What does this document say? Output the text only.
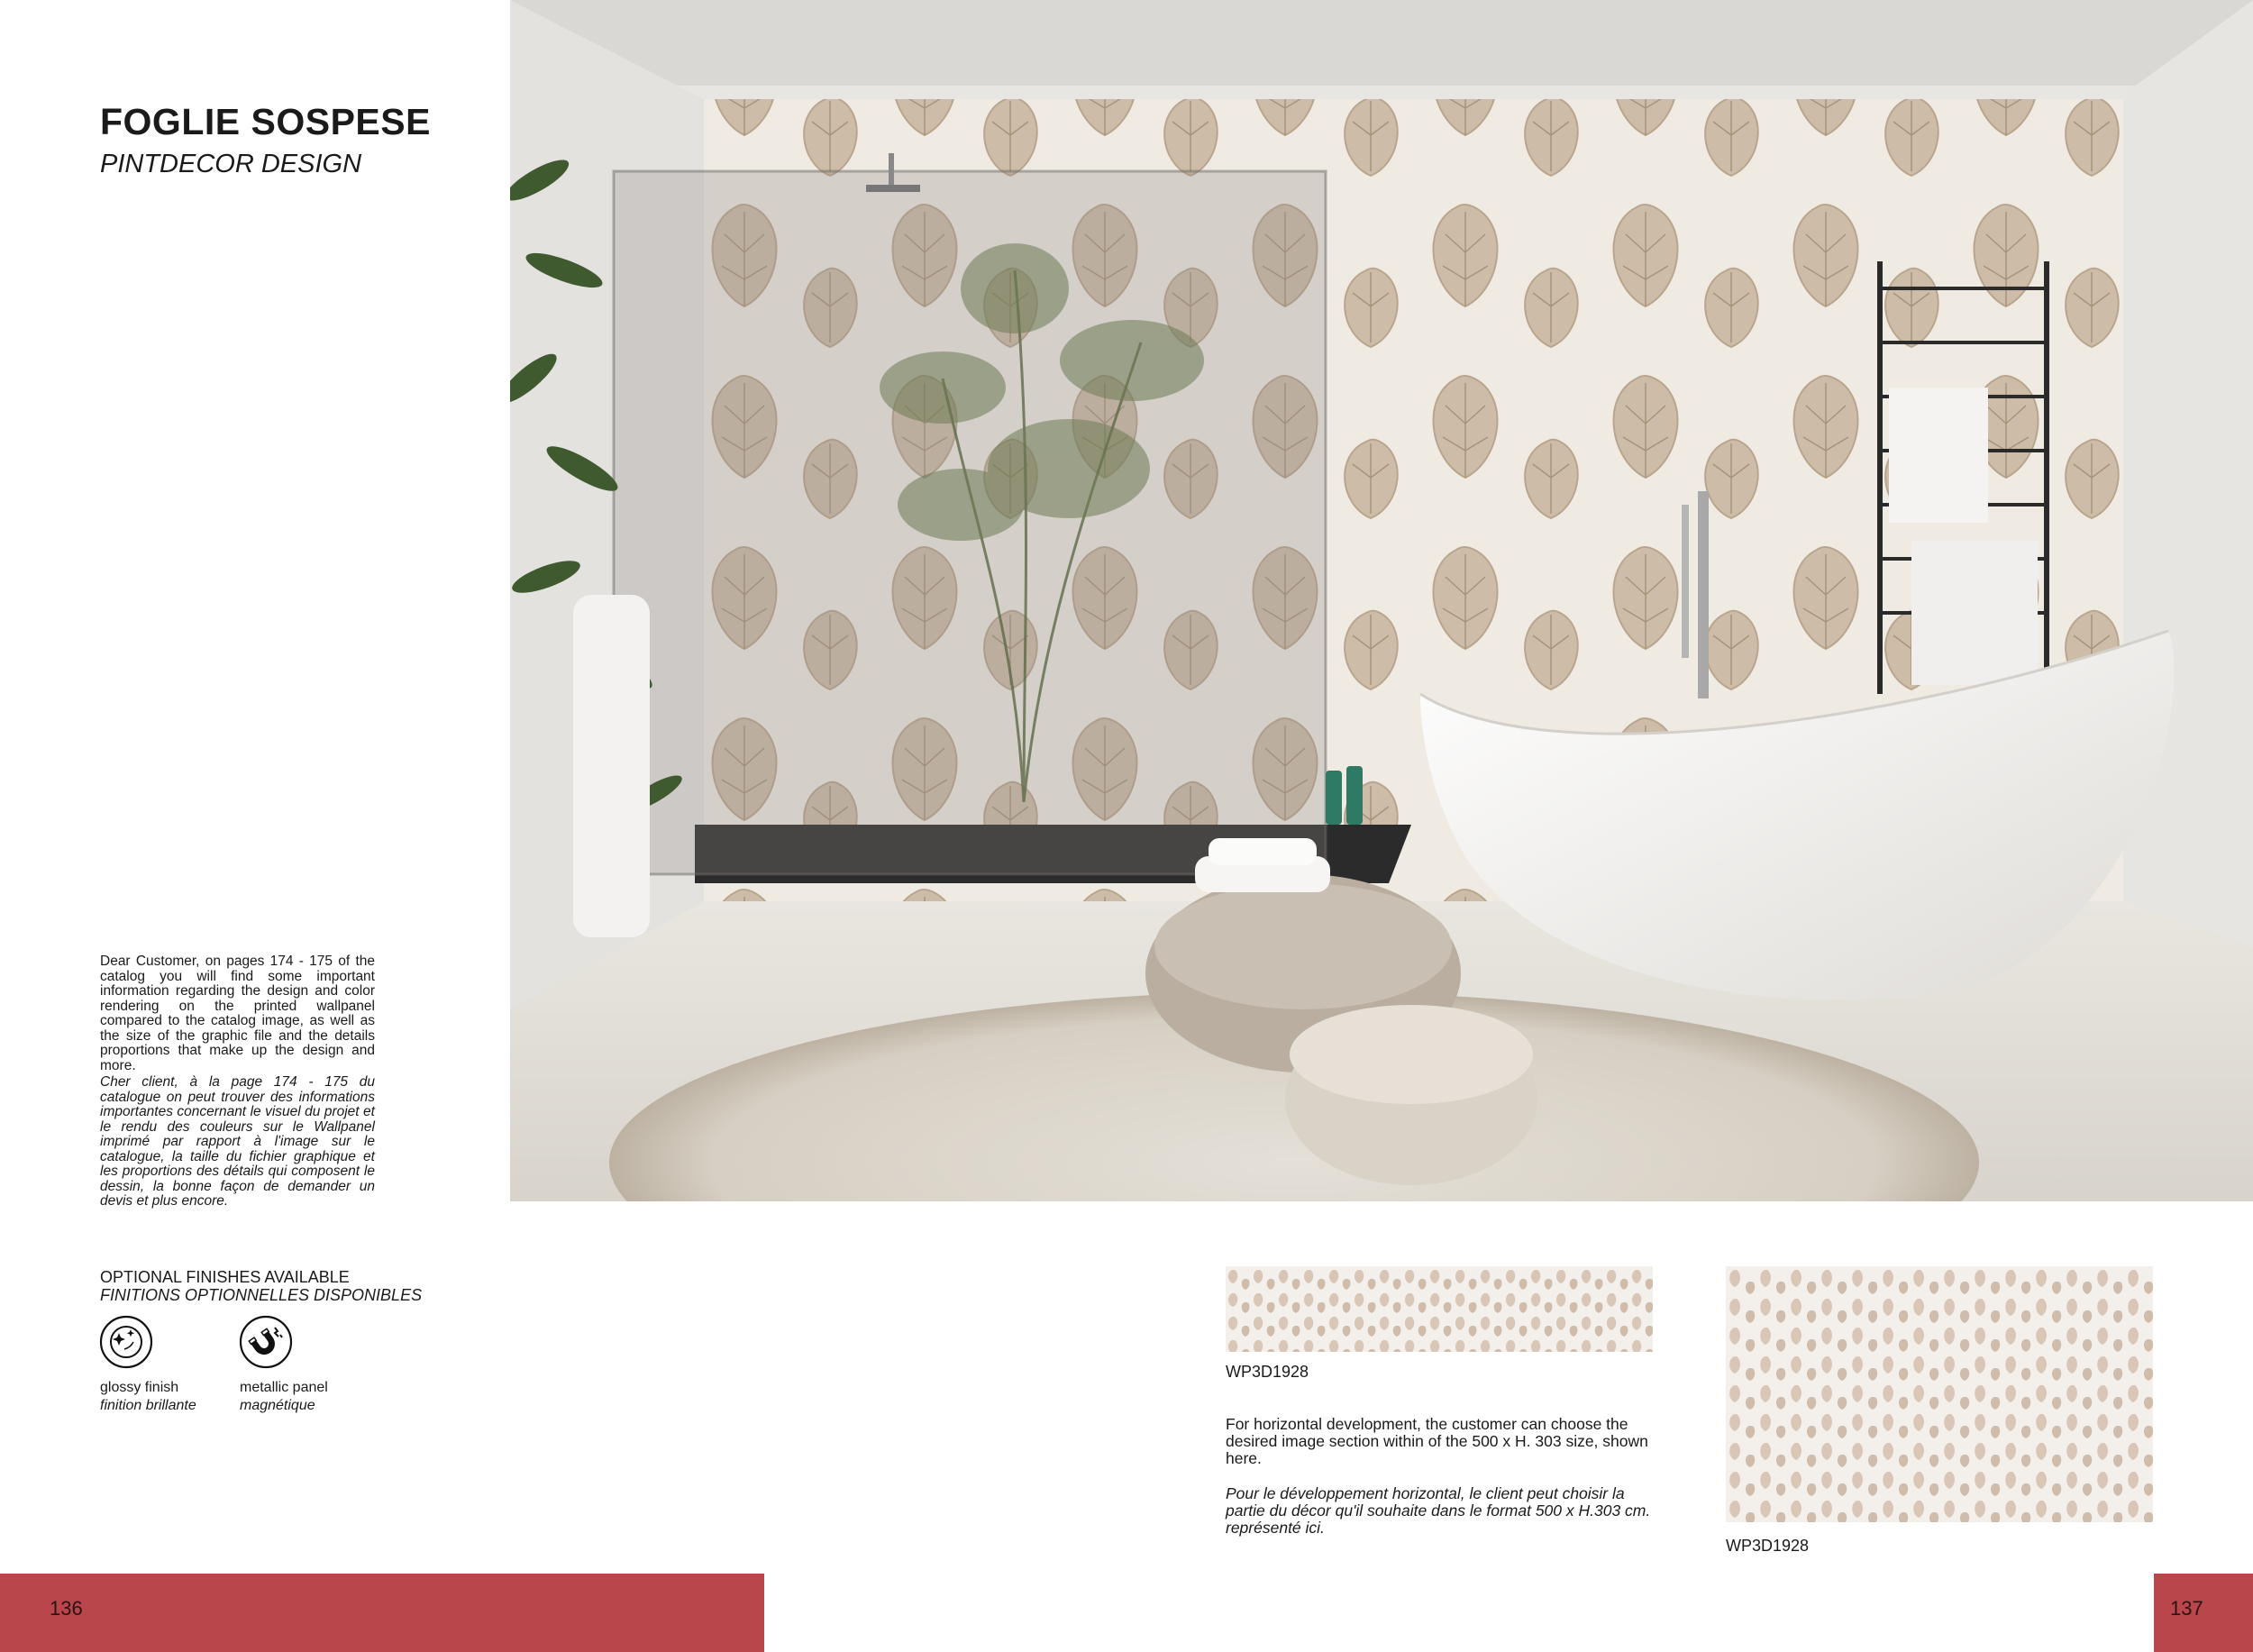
FOGLIE SOSPESE
PINTDECOR DESIGN
Dear Customer, on pages 174 - 175 of the catalog you will find some important information regarding the design and color rendering on the printed wallpanel compared to the catalog image, as well as the size of the graphic file and the details proportions that make up the design and more.
Cher client, à la page 174 - 175 du catalogue on peut trouver des informations importantes concernant le visuel du projet et le rendu des couleurs sur le Wallpanel imprimé par rapport à l'image sur le catalogue, la taille du fichier graphique et les proportions des détails qui composent le dessin, la bonne façon de demander un devis et plus encore.
OPTIONAL FINISHES AVAILABLE
FINITIONS OPTIONNELLES DISPONIBLES
glossy finish
finition brillante
metallic panel
magnétique
WP3D1928
WP3D1928
For horizontal development, the customer can choose the desired image section within of the 500 x H. 303 size, shown here.
Pour le développement horizontal, le client peut choisir la partie du décor qu'il souhaite dans le format 500 x H.303 cm. représenté ici.
136	137
